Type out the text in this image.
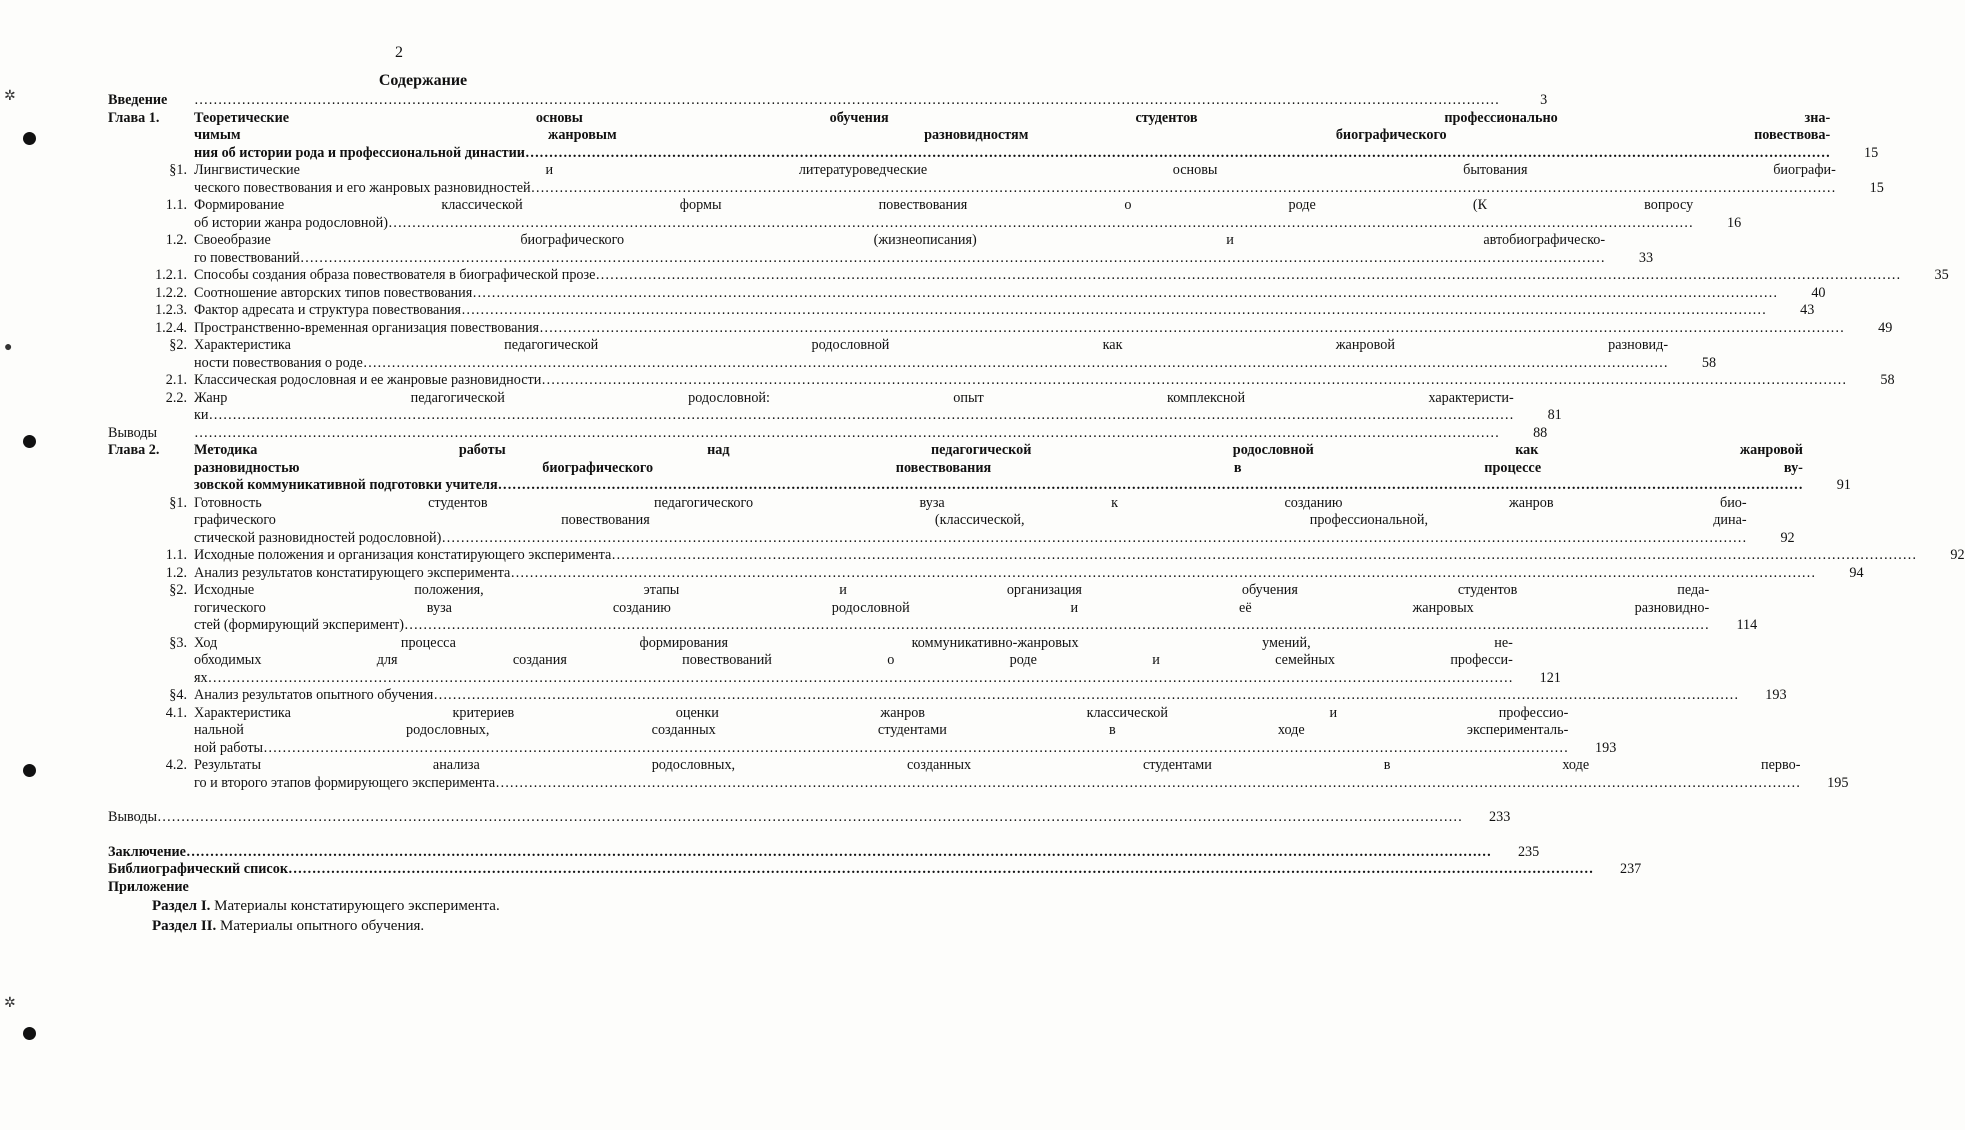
2
Содержание
Введение	……………………………………………………………………………………………………………………………………………………………………………………………………………………………………………………	3
Глава 1.	Теоретические основы обучения студентов профессионально зна-
чимым жанровым разновидностям биографического повествова-
ния об истории рода и профессиональной династии……………………………………………………………………………………………………………………………………………………………………………………………………………………………………………………	15
§1. Лингвистические и литературоведческие основы бытования биографи-
ческого повествования и его жанровых разновидностей……………………………………………………………………………………………………………………………………………………………………………………………………………………………………………………	15
1.1. Формирование классической формы повествования о роде (К вопросу
об истории жанра родословной)……………………………………………………………………………………………………………………………………………………………………………………………………………………………………………………	16
1.2. Своеобразие биографического (жизнеописания) и автобиографическо-
го повествований……………………………………………………………………………………………………………………………………………………………………………………………………………………………………………………	33
1.2.1. Способы создания образа повествователя в биографической прозе……………………………………………………………………………………………………………………………………………………………………………………………………………………………………………………	35
1.2.2. Соотношение авторских типов повествования……………………………………………………………………………………………………………………………………………………………………………………………………………………………………………………	40
1.2.3. Фактор адресата и структура повествования……………………………………………………………………………………………………………………………………………………………………………………………………………………………………………………	43
1.2.4. Пространственно-временная организация повествования……………………………………………………………………………………………………………………………………………………………………………………………………………………………………………………	49
§2. Характеристика педагогической родословной как жанровой разновид-
ности повествования о роде……………………………………………………………………………………………………………………………………………………………………………………………………………………………………………………	58
2.1. Классическая родословная и ее жанровые разновидности……………………………………………………………………………………………………………………………………………………………………………………………………………………………………………………	58
2.2. Жанр педагогической родословной: опыт комплексной характеристи-
ки……………………………………………………………………………………………………………………………………………………………………………………………………………………………………………………	81
Выводы	……………………………………………………………………………………………………………………………………………………………………………………………………………………………………………………	88
Глава 2.	Методика работы над педагогической родословной как жанровой
разновидностью биографического повествования в процессе ву-
зовской коммуникативной подготовки учителя……………………………………………………………………………………………………………………………………………………………………………………………………………………………………………………	91
§1. Готовность студентов педагогического вуза к созданию жанров био-
графического повествования (классической, профессиональной, дина-
стической разновидностей родословной)……………………………………………………………………………………………………………………………………………………………………………………………………………………………………………………	92
1.1. Исходные положения и организация констатирующего эксперимента……………………………………………………………………………………………………………………………………………………………………………………………………………………………………………………	92
1.2. Анализ результатов констатирующего эксперимента……………………………………………………………………………………………………………………………………………………………………………………………………………………………………………………	94
§2. Исходные положения, этапы и организация обучения студентов педа-
гогического вуза созданию родословной и её жанровых разновидно-
стей (формирующий эксперимент)……………………………………………………………………………………………………………………………………………………………………………………………………………………………………………………	114
§3. Ход процесса формирования коммуникативно-жанровых умений, не-
обходимых для создания повествований о роде и семейных професси-
ях……………………………………………………………………………………………………………………………………………………………………………………………………………………………………………………	121
§4. Анализ результатов опытного обучения……………………………………………………………………………………………………………………………………………………………………………………………………………………………………………………	193
4.1. Характеристика критериев оценки жанров классической и профессио-
нальной родословных, созданных студентами в ходе эксперименталь-
ной работы……………………………………………………………………………………………………………………………………………………………………………………………………………………………………………………	193
4.2. Результаты анализа родословных, созданных студентами в ходе перво-
го и второго этапов формирующего эксперимента……………………………………………………………………………………………………………………………………………………………………………………………………………………………………………………	195
Выводы……………………………………………………………………………………………………………………………………………………………………………………………………………………………………………………	233
Заключение……………………………………………………………………………………………………………………………………………………………………………………………………………………………………………………	235
Библиографический список……………………………………………………………………………………………………………………………………………………………………………………………………………………………………………………	237
Приложение
Раздел I. Материалы констатирующего эксперимента.
Раздел II. Материалы опытного обучения.
✲
●
✲
